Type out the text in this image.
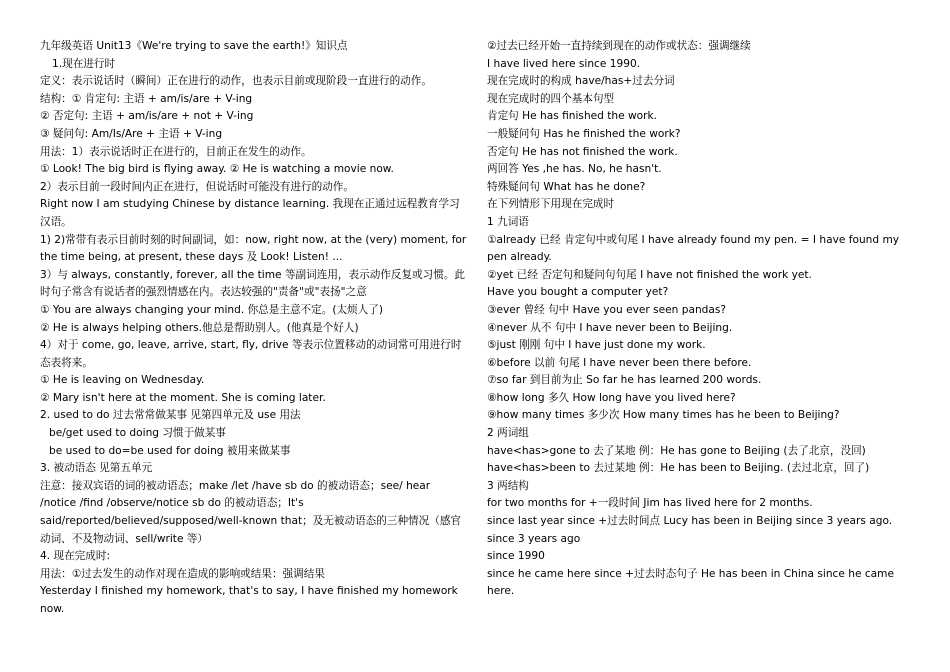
九年级英语 Unit13《We're trying to save the earth!》知识点
1.现在进行时
定义：表示说话时（瞬间）正在进行的动作，也表示目前或现阶段一直进行的动作。
结构：① 肯定句: 主语 + am/is/are + V-ing
② 否定句: 主语 + am/is/are + not + V-ing
③ 疑问句: Am/Is/Are + 主语 + V-ing
用法：1）表示说话时正在进行的，目前正在发生的动作。
① Look! The big bird is flying away. ② He is watching a movie now.
2）表示目前一段时间内正在进行，但说话时可能没有进行的动作。
Right now I am studying Chinese by distance learning. 我现在正通过远程教育学习汉语。
1) 2)常带有表示目前时刻的时间副词，如：now, right now, at the (very) moment, for the time being, at present, these days 及 Look! Listen! ...
3）与 always, constantly, forever, all the time 等副词连用，表示动作反复或习惯。此时句子常含有说话者的强烈情感在内。表达较强的"责备"或"表扬"之意
① You are always changing your mind. 你总是主意不定。(太烦人了)
② He is always helping others.他总是帮助别人。(他真是个好人)
4）对于 come, go, leave, arrive, start, fly, drive 等表示位置移动的动词常可用进行时态表将来。
① He is leaving on Wednesday.
② Mary isn't here at the moment. She is coming later.
2. used to do 过去常常做某事 见第四单元及 use 用法
be/get used to doing 习惯于做某事
be used to do=be used for doing 被用来做某事
3. 被动语态 见第五单元
注意：接双宾语的词的被动语态；make /let /have sb do 的被动语态；see/ hear /notice /find /observe/notice sb do 的被动语态；It's said/reported/believed/supposed/well-known that；及无被动语态的三种情况（感官动词、不及物动词、sell/write 等）
4. 现在完成时:
用法：①过去发生的动作对现在造成的影响或结果：强调结果
Yesterday I finished my homework, that's to say, I have finished my homework now.
②过去已经开始一直持续到现在的动作或状态：强调继续
I have lived here since 1990.
现在完成时的构成 have/has+过去分词
现在完成时的四个基本句型
肯定句 He has finished the work.
一般疑问句 Has he finished the work?
否定句 He has not finished the work.
两回答 Yes ,he has. No, he hasn't.
特殊疑问句 What has he done?
在下列情形下用现在完成时
1 九词语
①already 已经 肯定句中或句尾 I have already found my pen. = I have found my pen already.
②yet 已经 否定句和疑问句句尾 I have not finished the work yet.
Have you bought a computer yet?
③ever 曾经 句中 Have you ever seen pandas?
④never 从不 句中 I have never been to Beijing.
⑤just 刚刚 句中 I have just done my work.
⑥before 以前 句尾 I have never been there before.
⑦so far 到目前为止 So far he has learned 200 words.
⑧how long 多久 How long have you lived here?
⑨how many times 多少次 How many times has he been to Beijing?
2 两词组
have<has>gone to 去了某地 例：He has gone to Beijing (去了北京，没回)
have<has>been to 去过某地 例：He has been to Beijing. (去过北京，回了)
3 两结构
for two months for +一段时间 Jim has lived here for 2 months.
since last year since +过去时间点 Lucy has been in Beijing since 3 years ago.
since 3 years ago
since 1990
since he came here since +过去时态句子 He has been in China since he came here.
